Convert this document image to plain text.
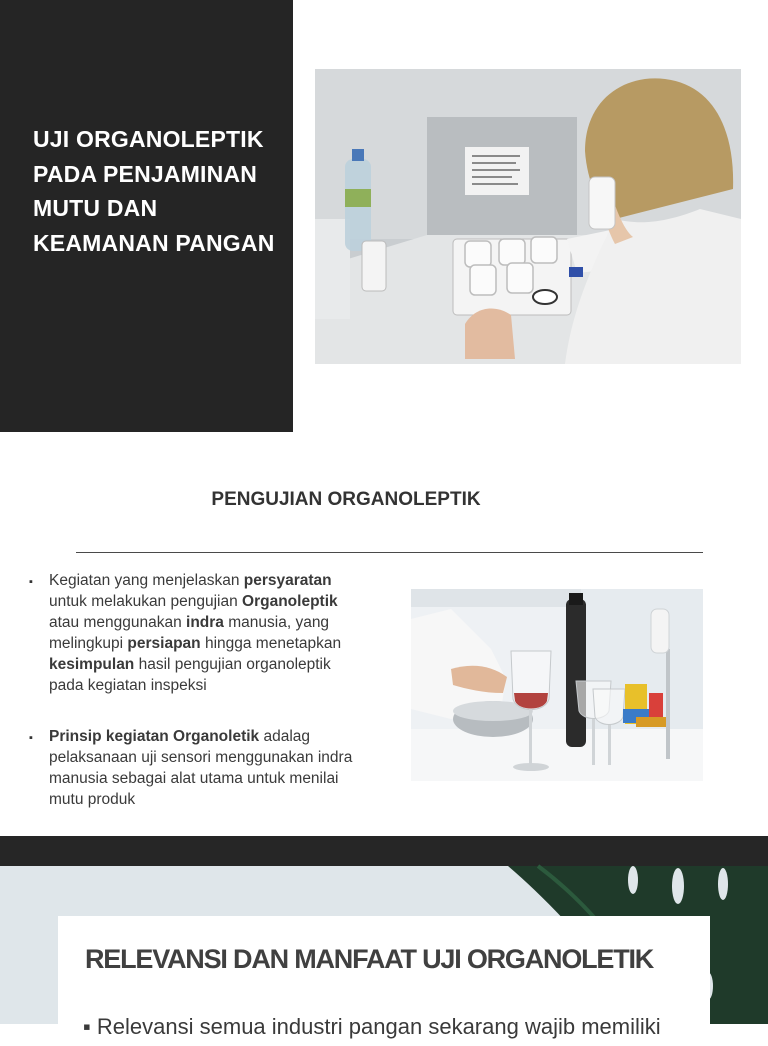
UJI ORGANOLEPTIK
PADA PENJAMINAN
MUTU DAN
KEAMANAN PANGAN
PENGUJIAN ORGANOLEPTIK
▪ Kegiatan yang menjelaskan persyaratan
untuk melakukan pengujian Organoleptik
atau menggunakan indra manusia, yang
melingkupi persiapan hingga menetapkan
kesimpulan hasil pengujian organoleptik
pada kegiatan inspeksi
▪ Prinsip kegiatan Organoletik adalag
pelaksanaan uji sensori menggunakan indra
manusia sebagai alat utama untuk menilai
mutu produk
RELEVANSI DAN MANFAAT UJI ORGANOLETIK

▪ Relevansi semua industri pangan sekarang wajib memiliki
